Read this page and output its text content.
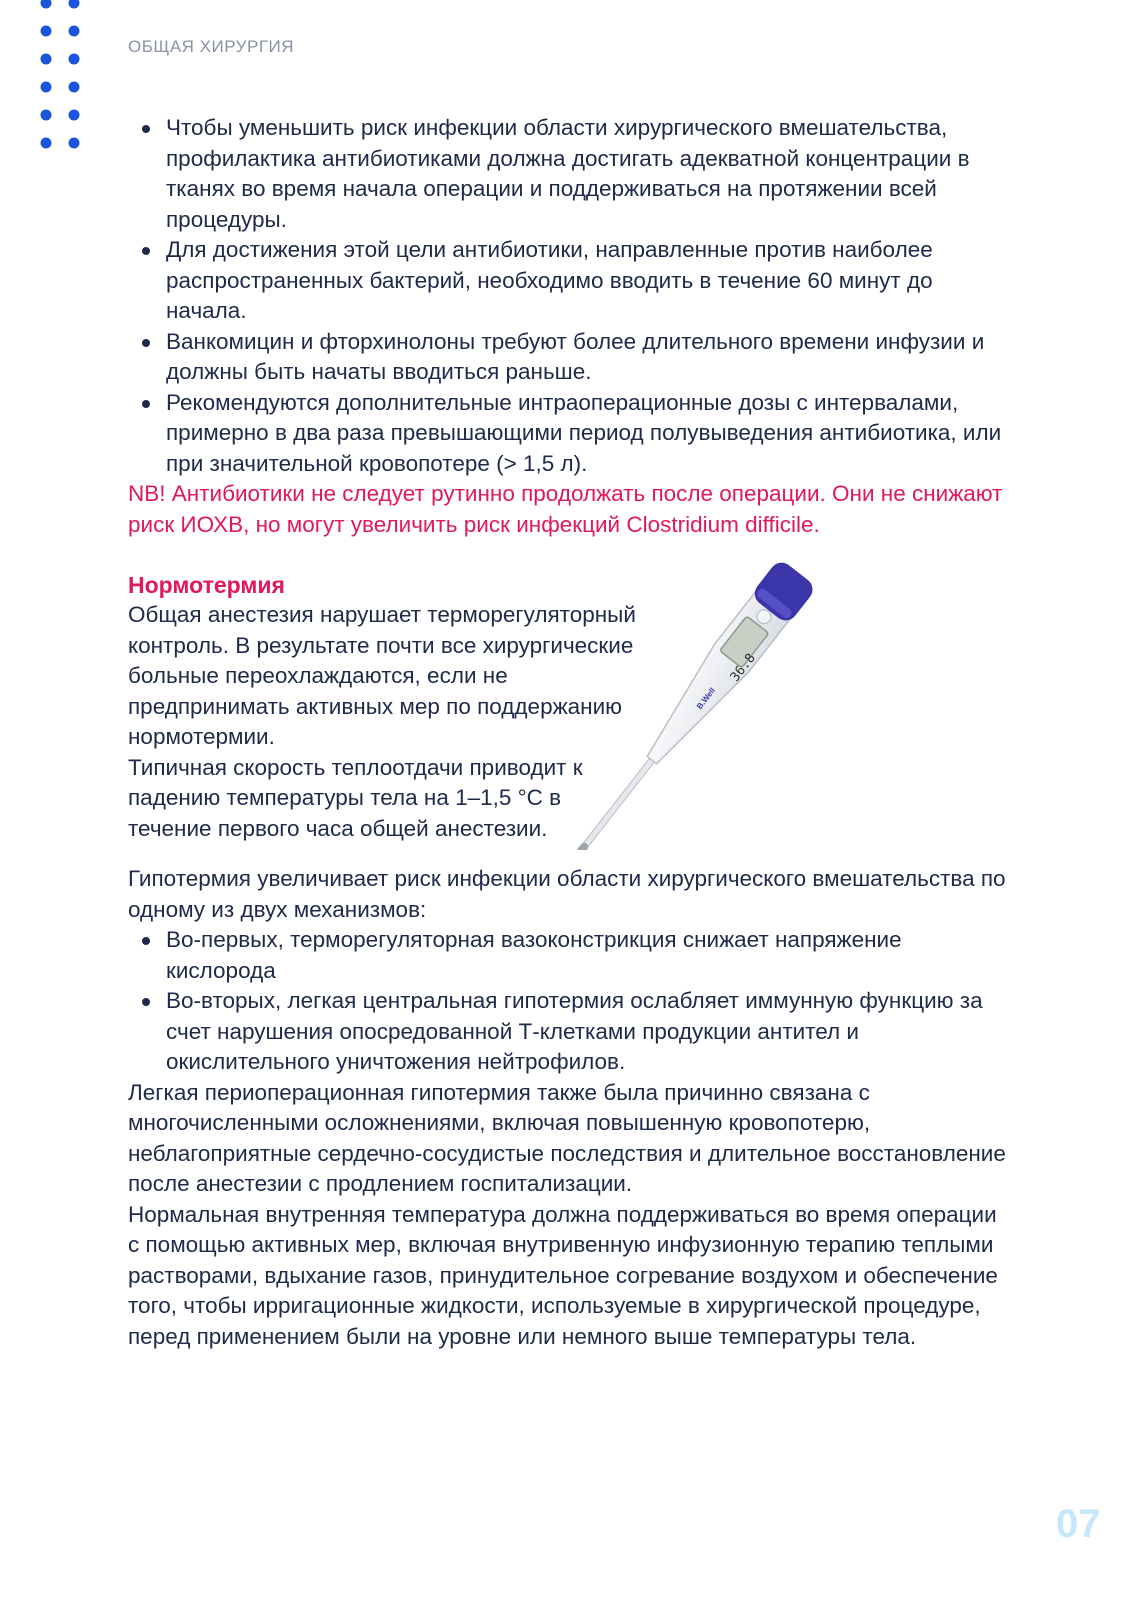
ОБЩАЯ ХИРУРГИЯ
Чтобы уменьшить риск инфекции области хирургического вмешательства, профилактика антибиотиками должна достигать адекватной концентрации в тканях во время начала операции и поддерживаться на протяжении всей процедуры.
Для достижения этой цели антибиотики, направленные против наиболее распространенных бактерий, необходимо вводить в течение 60 минут до начала.
Ванкомицин и фторхинолоны требуют более длительного времени инфузии и должны быть начаты вводиться раньше.
Рекомендуются дополнительные интраоперационные дозы с интервалами, примерно в два раза превышающими период полувыведения антибиотика, или при значительной кровопотере (> 1,5 л).

NB! Антибиотики не следует рутинно продолжать после операции. Они не снижают риск ИОХВ, но могут увеличить риск инфекций Clostridium difficile.

Нормотермия

Общая анестезия нарушает терморегуляторный контроль. В результате почти все хирургические больные переохлаждаются, если не предпринимать активных мер по поддержанию нормотермии.

Типичная скорость теплоотдачи приводит к падению температуры тела на 1–1,5 °C в течение первого часа общей анестезии.

Гипотермия увеличивает риск инфекции области хирургического вмешательства по одному из двух механизмов:

Во-первых, терморегуляторная вазоконстрикция снижает напряжение кислорода
Во-вторых, легкая центральная гипотермия ослабляет иммунную функцию за счет нарушения опосредованной Т-клетками продукции антител и окислительного уничтожения нейтрофилов.

Легкая периоперационная гипотермия также была причинно связана с многочисленными осложнениями, включая повышенную кровопотерю, неблагоприятные сердечно-сосудистые последствия и длительное восстановление после анестезии с продлением госпитализации.

Нормальная внутренняя температура должна поддерживаться во время операции с помощью активных мер, включая внутривенную инфузионную терапию теплыми растворами, вдыхание газов, принудительное согревание воздухом и обеспечение того, чтобы ирригационные жидкости, используемые в хирургической процедуре, перед применением были на уровне или немного выше температуры тела.

36.8
B.Well
07
